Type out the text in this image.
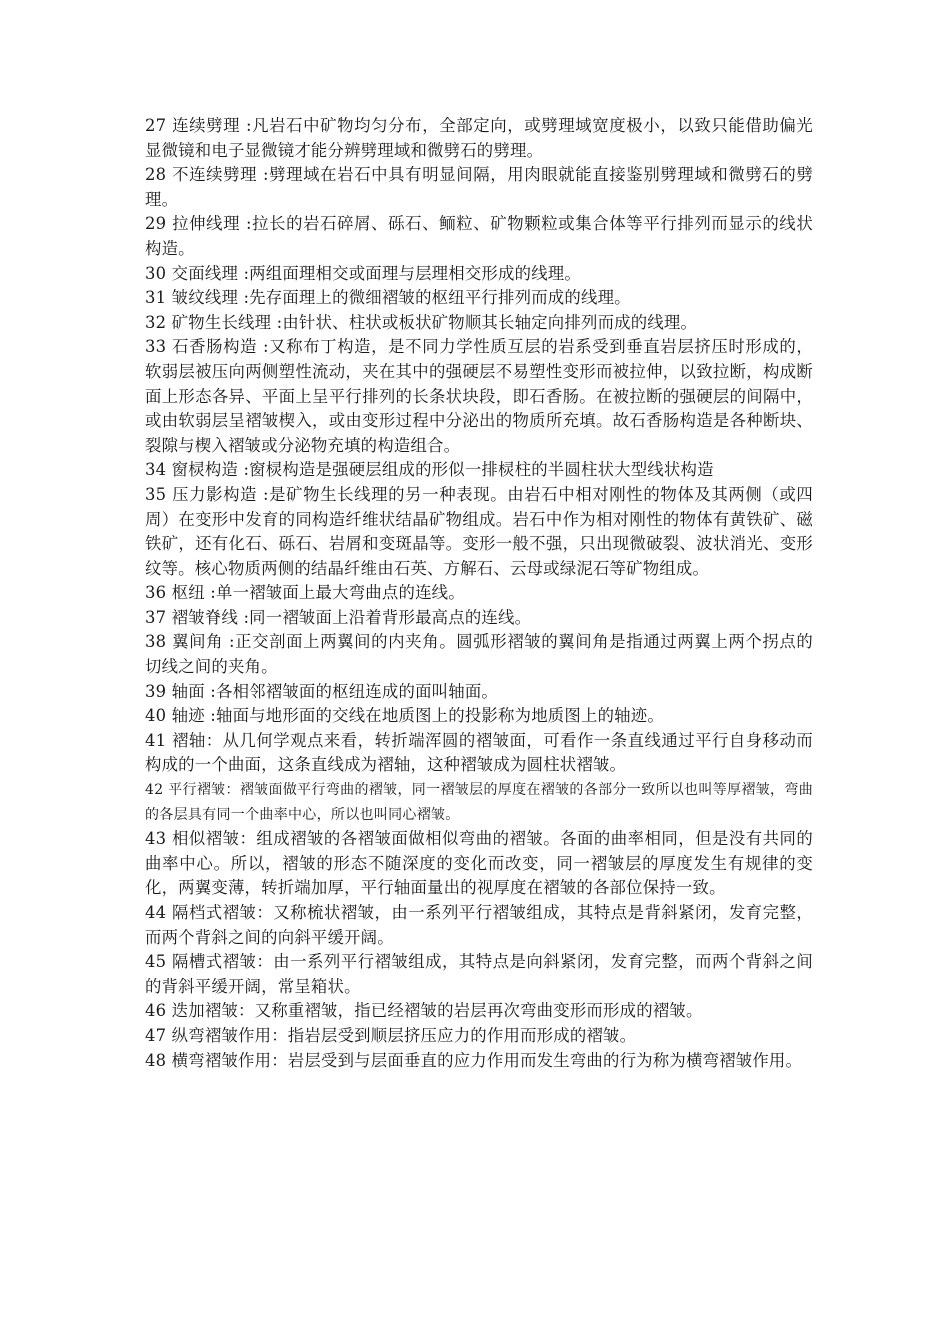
27 连续劈理 :凡岩石中矿物均匀分布，全部定向，或劈理域宽度极小，以致只能借助偏光显微镜和电子显微镜才能分辨劈理域和微劈石的劈理。

28 不连续劈理 :劈理域在岩石中具有明显间隔，用肉眼就能直接鉴别劈理域和微劈石的劈理。

29 拉伸线理 :拉长的岩石碎屑、砾石、鲕粒、矿物颗粒或集合体等平行排列而显示的线状构造。

30 交面线理 :两组面理相交或面理与层理相交形成的线理。

31 皱纹线理 :先存面理上的微细褶皱的枢纽平行排列而成的线理。

32 矿物生长线理 :由针状、柱状或板状矿物顺其长轴定向排列而成的线理。

33 石香肠构造 :又称布丁构造，是不同力学性质互层的岩系受到垂直岩层挤压时形成的，软弱层被压向两侧塑性流动，夹在其中的强硬层不易塑性变形而被拉伸，以致拉断，构成断面上形态各异、平面上呈平行排列的长条状块段，即石香肠。在被拉断的强硬层的间隔中，或由软弱层呈褶皱楔入，或由变形过程中分泌出的物质所充填。故石香肠构造是各种断块、裂隙与楔入褶皱或分泌物充填的构造组合。

34 窗棂构造 :窗棂构造是强硬层组成的形似一排棂柱的半圆柱状大型线状构造

35 压力影构造 :是矿物生长线理的另一种表现。由岩石中相对刚性的物体及其两侧（或四周）在变形中发育的同构造纤维状结晶矿物组成。岩石中作为相对刚性的物体有黄铁矿、磁铁矿，还有化石、砾石、岩屑和变斑晶等。变形一般不强，只出现微破裂、波状消光、变形纹等。核心物质两侧的结晶纤维由石英、方解石、云母或绿泥石等矿物组成。

36 枢纽 :单一褶皱面上最大弯曲点的连线。

37 褶皱脊线 :同一褶皱面上沿着背形最高点的连线。

38 翼间角 :正交剖面上两翼间的内夹角。圆弧形褶皱的翼间角是指通过两翼上两个拐点的切线之间的夹角。

39 轴面 :各相邻褶皱面的枢纽连成的面叫轴面。

40 轴迹 :轴面与地形面的交线在地质图上的投影称为地质图上的轴迹。

41 褶轴：从几何学观点来看，转折端浑圆的褶皱面，可看作一条直线通过平行自身移动而构成的一个曲面，这条直线成为褶轴，这种褶皱成为圆柱状褶皱。

42 平行褶皱：褶皱面做平行弯曲的褶皱，同一褶皱层的厚度在褶皱的各部分一致所以也叫等厚褶皱，弯曲的各层具有同一个曲率中心，所以也叫同心褶皱。

43 相似褶皱：组成褶皱的各褶皱面做相似弯曲的褶皱。各面的曲率相同，但是没有共同的曲率中心。所以，褶皱的形态不随深度的变化而改变，同一褶皱层的厚度发生有规律的变化，两翼变薄，转折端加厚，平行轴面量出的视厚度在褶皱的各部位保持一致。

44 隔档式褶皱：又称梳状褶皱，由一系列平行褶皱组成，其特点是背斜紧闭，发育完整，而两个背斜之间的向斜平缓开阔。

45 隔槽式褶皱：由一系列平行褶皱组成，其特点是向斜紧闭，发育完整，而两个背斜之间的背斜平缓开阔，常呈箱状。

46 迭加褶皱：又称重褶皱，指已经褶皱的岩层再次弯曲变形而形成的褶皱。

47 纵弯褶皱作用：指岩层受到顺层挤压应力的作用而形成的褶皱。

48 横弯褶皱作用：岩层受到与层面垂直的应力作用而发生弯曲的行为称为横弯褶皱作用。
